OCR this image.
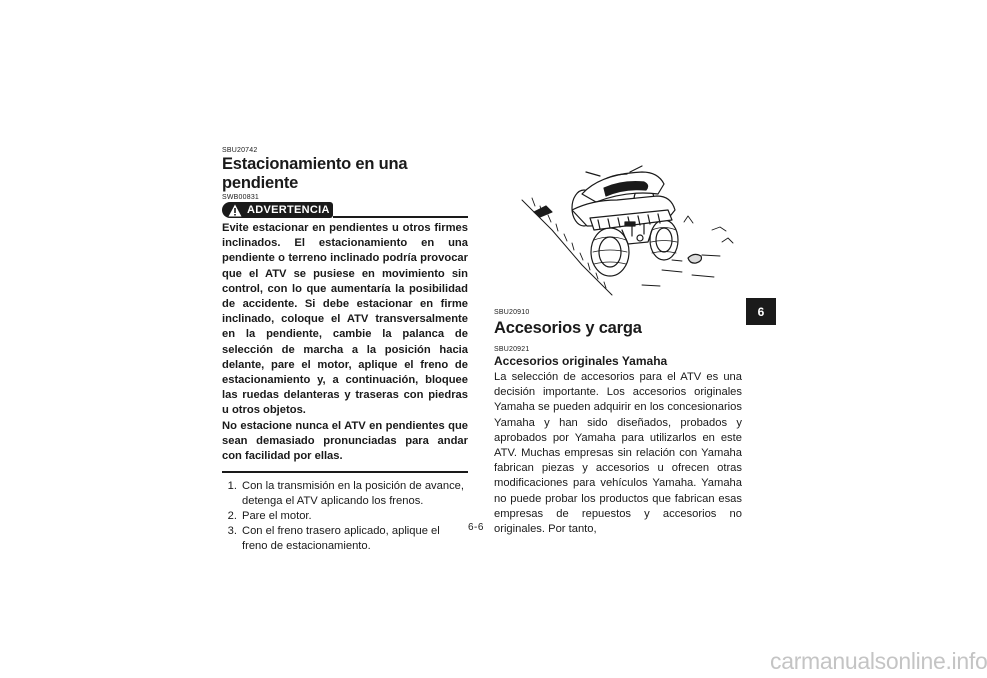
SBU20742
Estacionamiento en una pendiente
SWB00831
ADVERTENCIA

Evite estacionar en pendientes u otros firmes inclinados. El estacionamiento en una pendiente o terreno inclinado podría provocar que el ATV se pusiese en movimiento sin control, con lo que aumentaría la posibilidad de accidente. Si debe estacionar en firme inclinado, coloque el ATV transversalmente en la pendiente, cambie la palanca de selección de marcha a la posición hacia delante, pare el motor, aplique el freno de estacionamiento y, a continuación, bloquee las ruedas delanteras y traseras con piedras u otros objetos.

No estacione nunca el ATV en pendientes que sean demasiado pronunciadas para andar con facilidad por ellas.

1. Con la transmisión en la posición de avance, detenga el ATV aplicando los frenos.
2. Pare el motor.
3. Con el freno trasero aplicado, aplique el freno de estacionamiento.
SBU20910
Accesorios y carga
SBU20921
Accesorios originales Yamaha
La selección de accesorios para el ATV es una decisión importante. Los accesorios originales Yamaha se pueden adquirir en los concesionarios Yamaha y han sido diseñados, probados y aprobados por Yamaha para utilizarlos en este ATV. Muchas empresas sin relación con Yamaha fabrican piezas y accesorios u ofrecen otras modificaciones para vehículos Yamaha. Yamaha no puede probar los productos que fabrican esas empresas de repuestos y accesorios no originales. Por tanto,
6
6-6
carmanualsonline.info
